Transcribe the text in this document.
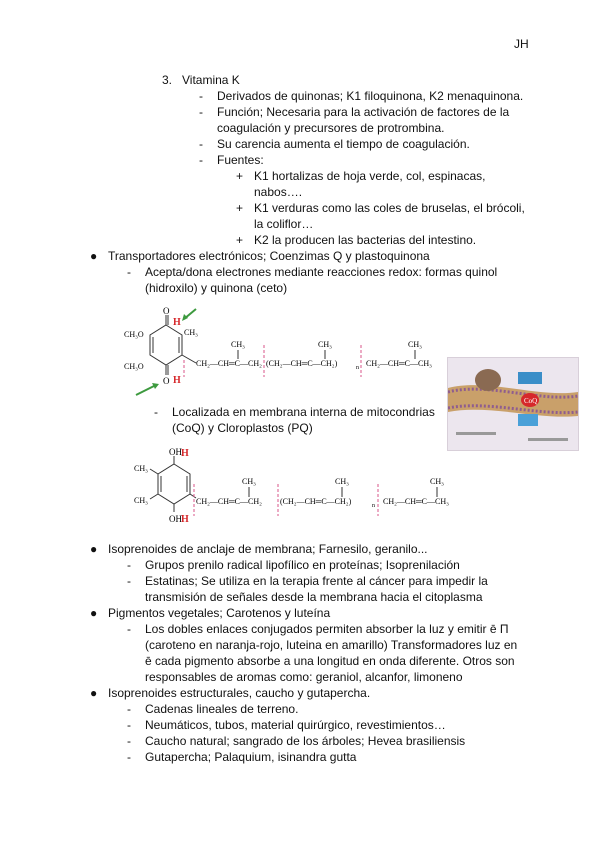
JH
3. Vitamina K
- Derivados de quinonas; K1 filoquinona, K2 menaquinona.
- Función; Necesaria para la activación de factores de la
coagulación y precursores de protrombina.
- Su carencia aumenta el tiempo de coagulación.
- Fuentes:
+ K1 hortalizas de hoja verde, col, espinacas,
nabos….
+ K1 verduras como las coles de bruselas, el brócoli,
la coliflor…
+ K2 la producen las bacterias del intestino.
● Transportadores electrónicos; Coenzimas Q y plastoquinona
- Acepta/dona electrones mediante reacciones redox: formas quinol
(hidroxilo) y quinona (ceto)
O
H
O H
CH₃O
CH₃O
CH₃
CH₂—CH═C—CH₂
CH₃
(CH₂—CH═C—CH₂)
CH₃
n CH₂—CH═C—CH₃
CH₃
CoQ
- Localizada en membrana interna de mitocondrias
(CoQ) y Cloroplastos (PQ)
OH
OH
H
H
CH₃
CH₃	CH₂—CH═C—CH₂
CH₃
(CH₂—CH═C—CH₂)
CH₃
n CH₂—CH═C—CH₃
CH₃
● Isoprenoides de anclaje de membrana; Farnesilo, geranilo...
- Grupos prenilo radical lipofílico en proteínas; Isoprenilación
- Estatinas; Se utiliza en la terapia frente al cáncer para impedir la
transmisión de señales desde la membrana hacia el citoplasma
● Pigmentos vegetales; Carotenos y luteína
- Los dobles enlaces conjugados permiten absorber la luz y emitir ē Π
(caroteno en naranja-rojo, luteina en amarillo) Transformadores luz en
ē cada pigmento absorbe a una longitud en onda diferente. Otros son
responsables de aromas como: geraniol, alcanfor, limoneno
● Isoprenoides estructurales, caucho y gutapercha.
- Cadenas lineales de terreno.
- Neumáticos, tubos, material quirúrgico, revestimientos…
- Caucho natural; sangrado de los árboles; Hevea brasiliensis
- Gutapercha; Palaquium, isinandra gutta
